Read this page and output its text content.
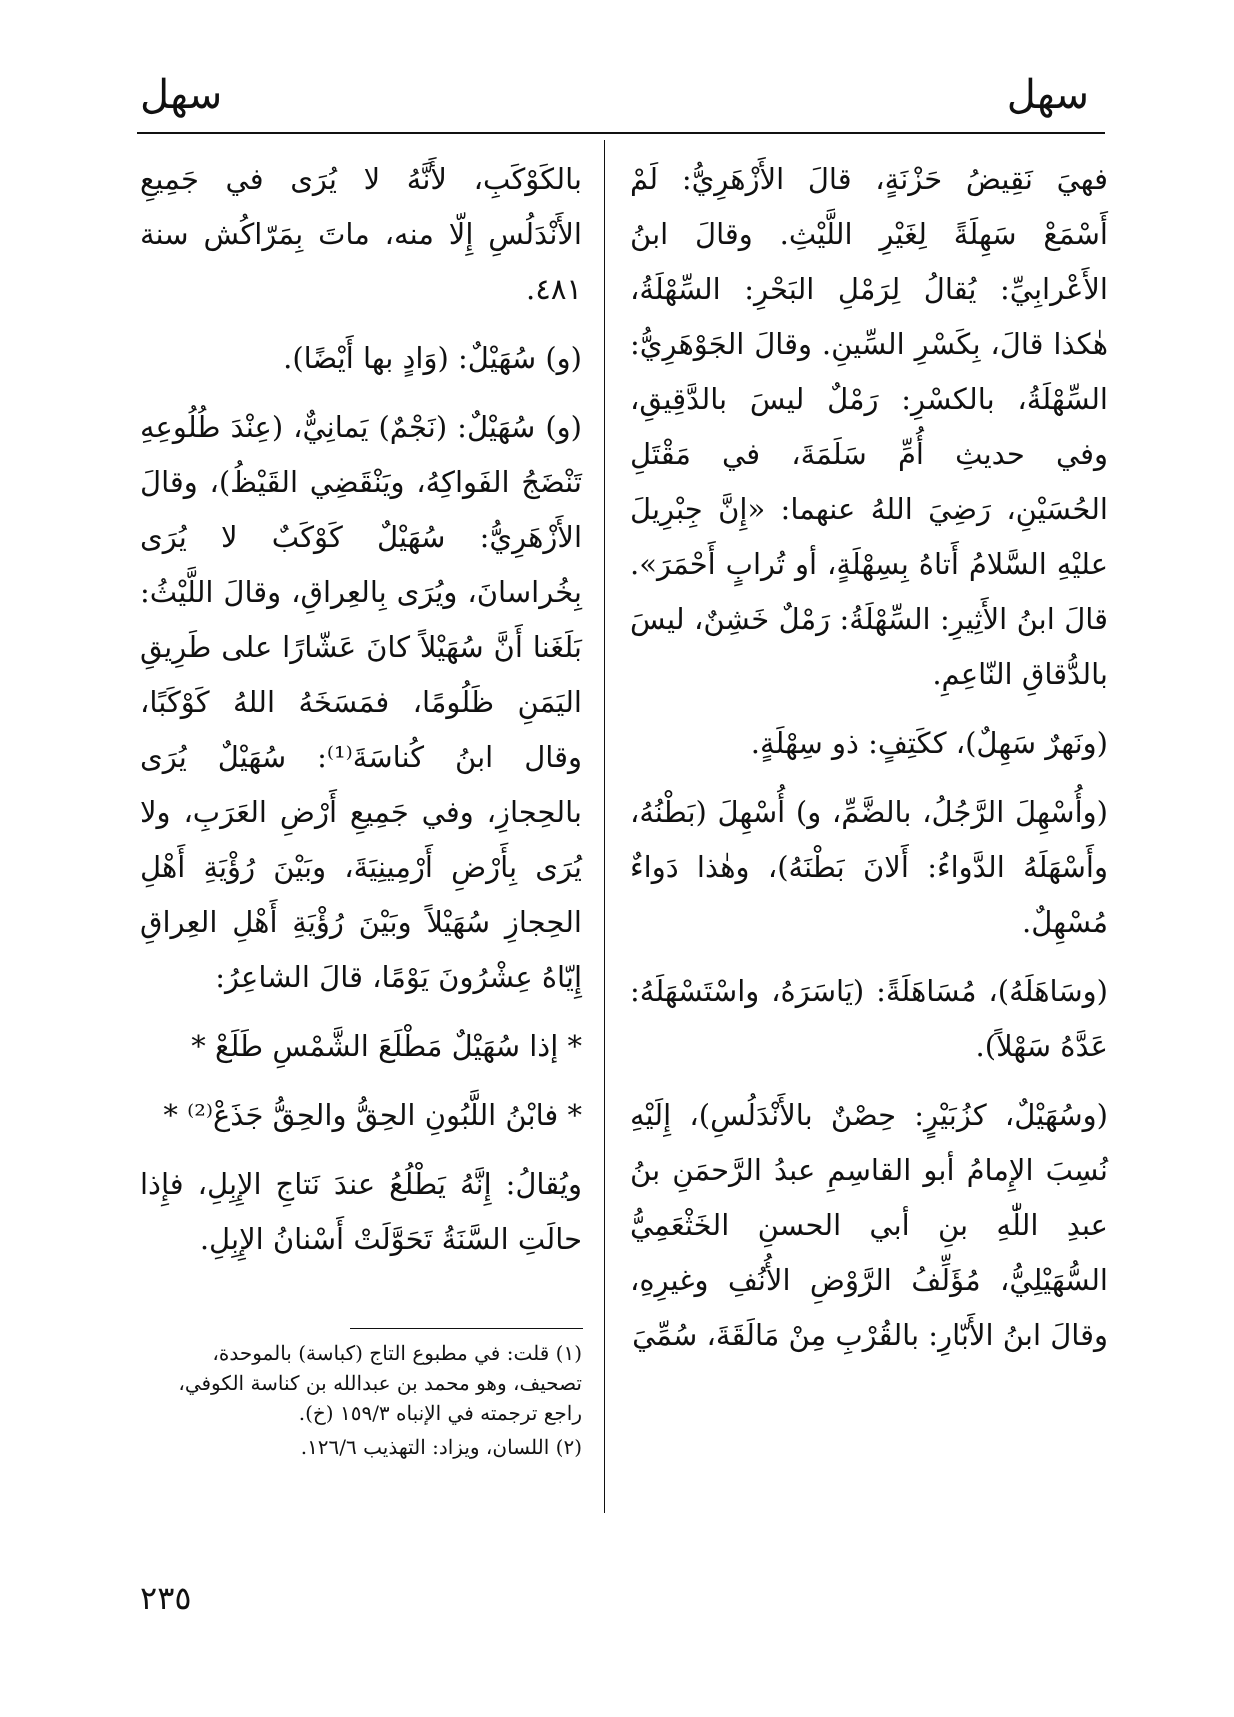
سهل	سهل

فهيَ نَقِيضُ حَزْنَةٍ، قالَ الأَزْهَرِيُّ: لَمْ أَسْمَعْ سَهِلَةً لِغَيْرِ اللَّيْثِ. وقالَ ابنُ الأَعْرابِيِّ: يُقالُ لِرَمْلِ البَحْرِ: السِّهْلَةُ، هٰكذا قالَ، بِكَسْرِ السِّينِ. وقالَ الجَوْهَرِيُّ: السِّهْلَةُ، بالكسْرِ: رَمْلٌ ليسَ بالدَّقِيقِ، وفي حديثِ أُمِّ سَلَمَةَ، في مَقْتَلِ الحُسَيْنِ، رَضِيَ اللهُ عنهما: «إِنَّ جِبْرِيلَ عليْهِ السَّلامُ أَتاهُ بِسِهْلَةٍ، أو تُرابٍ أَحْمَرَ». قالَ ابنُ الأَثِيرِ: السِّهْلَةُ: رَمْلٌ خَشِنٌ، ليسَ بالدُّقاقِ النّاعِمِ.

(ونَهرٌ سَهِلٌ)، ككَتِفٍ: ذو سِهْلَةٍ.

(وأُسْهِلَ الرَّجُلُ، بالضَّمِّ، و) أُسْهِلَ (بَطْنُهُ، وأَسْهَلَهُ الدَّواءُ: أَلانَ بَطْنَهُ)، وهٰذا دَواءٌ مُسْهِلٌ.

(وسَاهَلَهُ)، مُسَاهَلَةً: (يَاسَرَهُ، واسْتَسْهَلَهُ: عَدَّهُ سَهْلاً).

(وسُهَيْلٌ، كزُبَيْرٍ: حِصْنٌ بالأَنْدَلُسِ)، إِلَيْهِ نُسِبَ الإِمامُ أبو القاسِمِ عبدُ الرَّحمَنِ بنُ عبدِ اللّٰهِ بنِ أبي الحسنِ الخَثْعَمِيُّ السُّهَيْلِيُّ، مُؤَلِّفُ الرَّوْضِ الأُنُفِ وغيرِهِ، وقالَ ابنُ الأَبّارِ: بالقُرْبِ مِنْ مَالَقَةَ، سُمِّيَ

بالكَوْكَبِ، لأَنَّهُ لا يُرَى في جَمِيعِ الأَنْدَلُسِ إِلّا منه، ماتَ بِمَرّاكُش سنة ٤٨١.

(و) سُهَيْلٌ: (وَادٍ بها أَيْضًا).

(و) سُهَيْلٌ: (نَجْمٌ) يَمانِيٌّ، (عِنْدَ طُلُوعِهِ تَنْضَجُ الفَواكِهُ، ويَنْقَضِي القَيْظُ)، وقالَ الأَزْهَرِيُّ: سُهَيْلٌ كَوْكَبٌ لا يُرَى بِخُراسانَ، ويُرَى بِالعِراقِ، وقالَ اللَّيْثُ: بَلَغَنا أَنَّ سُهَيْلاً كانَ عَشّارًا على طَرِيقِ اليَمَنِ ظَلُومًا، فمَسَخَهُ اللهُ كَوْكَبًا، وقال ابنُ كُناسَةَ⁽¹⁾: سُهَيْلٌ يُرَى بالحِجازِ، وفي جَمِيعِ أَرْضِ العَرَبِ، ولا يُرَى بِأَرْضِ أَرْمِينِيَةَ، وبَيْنَ رُؤْيَةِ أَهْلِ الحِجازِ سُهَيْلاً وبَيْنَ رُؤْيَةِ أَهْلِ العِراقِ إِيّاهُ عِشْرُونَ يَوْمًا، قالَ الشاعِرُ:

* إذا سُهَيْلٌ مَطْلَعَ الشَّمْسِ طَلَعْ *

* فابْنُ اللَّبُونِ الحِقُّ والحِقُّ جَذَعْ⁽²⁾ *

ويُقالُ: إِنَّهُ يَطْلُعُ عندَ نَتاجِ الإِبِلِ، فإِذا حالَتِ السَّنَةُ تَحَوَّلَتْ أَسْنانُ الإِبِلِ.

(١) قلت: في مطبوع التاج (كباسة) بالموحدة، تصحيف، وهو محمد بن عبدالله بن كناسة الكوفي، راجع ترجمته في الإنباه ١٥٩/٣ (خ).

(٢) اللسان، ويزاد: التهذيب ١٢٦/٦.

٢٣٥
